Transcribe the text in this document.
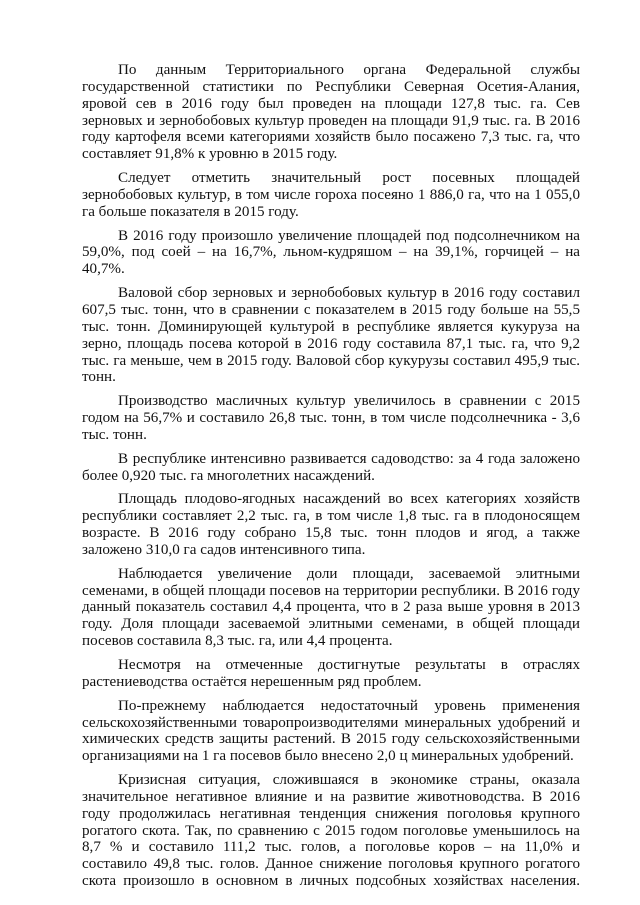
По данным Территориального органа Федеральной службы государственной статистики по Республики Северная Осетия-Алания, яровой сев в 2016 году был проведен на площади 127,8 тыс. га. Сев зерновых и зернобобовых культур проведен на площади 91,9 тыс. га. В 2016 году картофеля всеми категориями хозяйств было посажено 7,3 тыс. га, что составляет 91,8% к уровню в 2015 году.

Следует отметить значительный рост посевных площадей зернобобовых культур, в том числе гороха посеяно 1 886,0 га, что на 1 055,0 га больше показателя в 2015 году.

В 2016 году произошло увеличение площадей под подсолнечником на 59,0%, под соей – на 16,7%, льном-кудряшом – на 39,1%, горчицей – на 40,7%.

Валовой сбор зерновых и зернобобовых культур в 2016 году составил 607,5 тыс. тонн, что в сравнении с показателем в 2015 году больше на 55,5 тыс. тонн. Доминирующей культурой в республике является кукуруза на зерно, площадь посева которой в 2016 году составила 87,1 тыс. га, что 9,2 тыс. га меньше, чем в 2015 году. Валовой сбор кукурузы составил 495,9 тыс. тонн.

Производство масличных культур увеличилось в сравнении с 2015 годом на 56,7% и составило 26,8 тыс. тонн, в том числе подсолнечника - 3,6 тыс. тонн.

В республике интенсивно развивается садоводство: за 4 года заложено более 0,920 тыс. га многолетних насаждений.

Площадь плодово-ягодных насаждений во всех категориях хозяйств республики составляет 2,2 тыс. га, в том числе 1,8 тыс. га в плодоносящем возрасте. В 2016 году собрано 15,8 тыс. тонн плодов и ягод, а также заложено 310,0 га садов интенсивного типа.

Наблюдается увеличение доли площади, засеваемой элитными семенами, в общей площади посевов на территории республики. В 2016 году данный показатель составил 4,4 процента, что в 2 раза выше уровня в 2013 году. Доля площади засеваемой элитными семенами, в общей площади посевов составила 8,3 тыс. га, или 4,4 процента.

Несмотря на отмеченные достигнутые результаты в отраслях растениеводства остаётся нерешенным ряд проблем.

По-прежнему наблюдается недостаточный уровень применения сельскохозяйственными товаропроизводителями минеральных удобрений и химических средств защиты растений. В 2015 году сельскохозяйственными организациями на 1 га посевов было внесено 2,0 ц минеральных удобрений.

Кризисная ситуация, сложившаяся в экономике страны, оказала значительное негативное влияние и на развитие животноводства. В 2016 году продолжилась негативная тенденция снижения поголовья крупного рогатого скота. Так, по сравнению с 2015 годом поголовье уменьшилось на 8,7 % и составило 111,2 тыс. голов, а поголовье коров – на 11,0% и составило 49,8 тыс. голов. Данное снижение поголовья крупного рогатого скота произошло в основном в личных подсобных хозяйствах населения.
